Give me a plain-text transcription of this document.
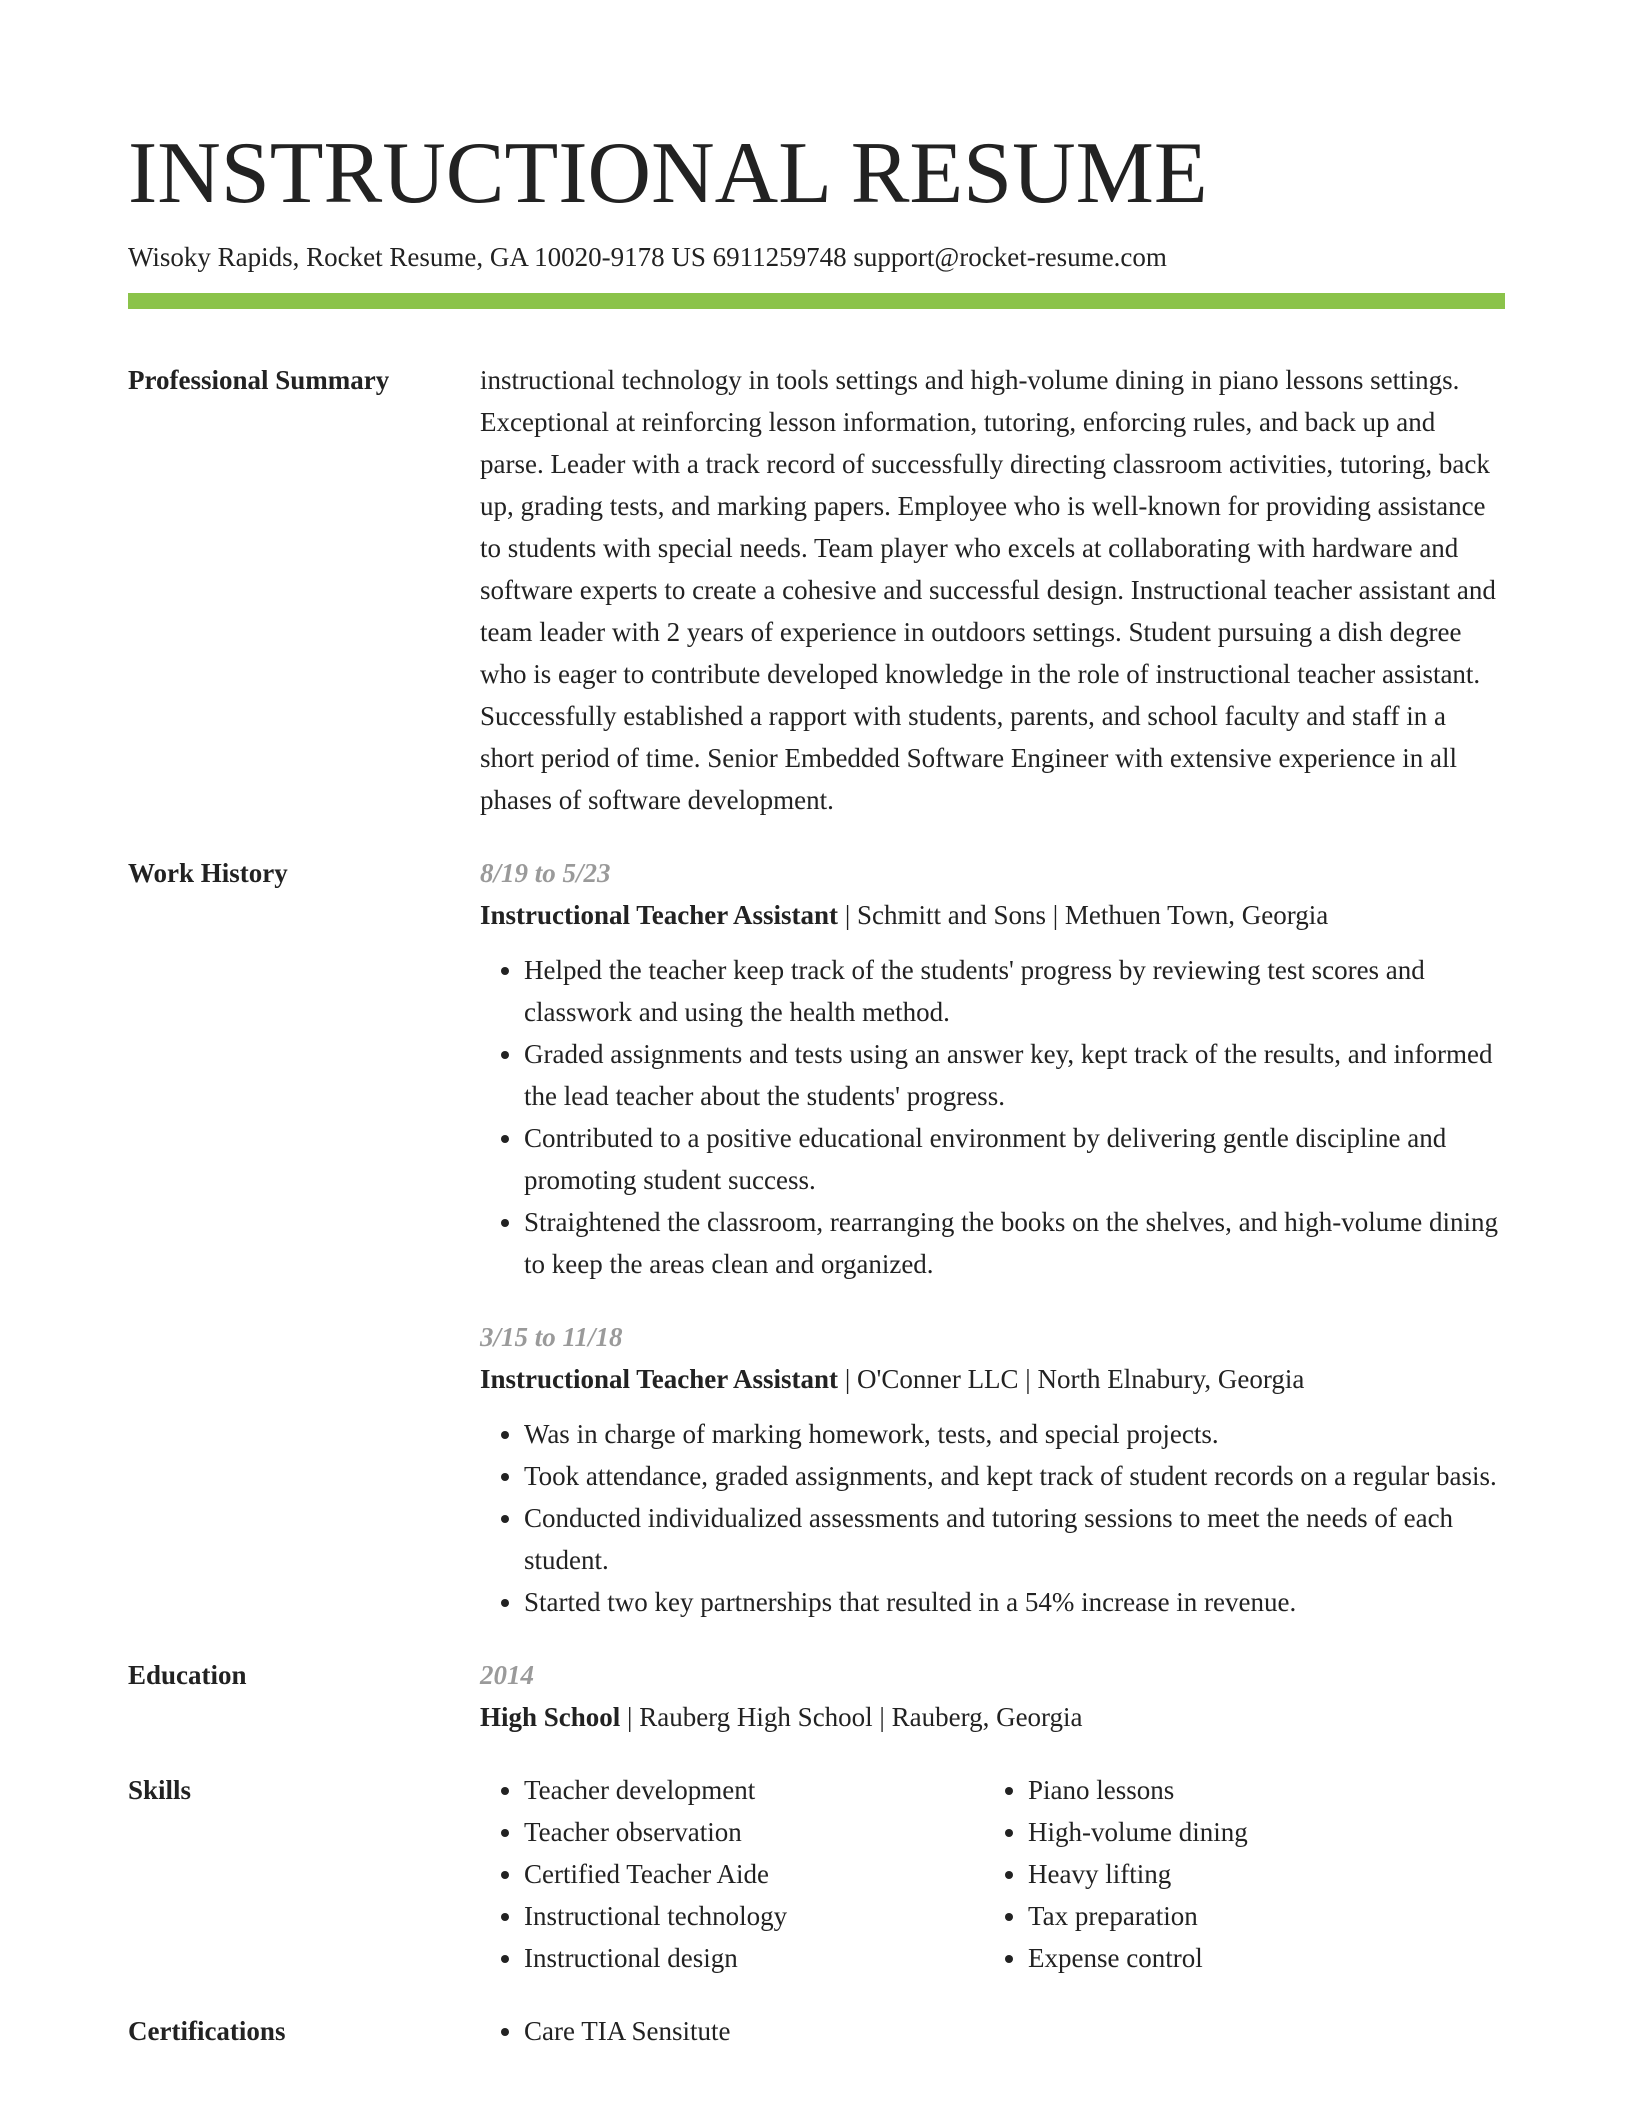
INSTRUCTIONAL RESUME
Wisoky Rapids, Rocket Resume, GA 10020-9178 US 6911259748 support@rocket-resume.com
Professional Summary	instructional technology in tools settings and high-volume dining in piano lessons settings. Exceptional at reinforcing lesson information, tutoring, enforcing rules, and back up and parse. Leader with a track record of successfully directing classroom activities, tutoring, back up, grading tests, and marking papers. Employee who is well-known for providing assistance to students with special needs. Team player who excels at collaborating with hardware and software experts to create a cohesive and successful design. Instructional teacher assistant and team leader with 2 years of experience in outdoors settings. Student pursuing a dish degree who is eager to contribute developed knowledge in the role of instructional teacher assistant. Successfully established a rapport with students, parents, and school faculty and staff in a short period of time. Senior Embedded Software Engineer with extensive experience in all phases of software development.
Work History	8/19 to 5/23
Instructional Teacher Assistant | Schmitt and Sons | Methuen Town, Georgia
• Helped the teacher keep track of the students' progress by reviewing test scores and classwork and using the health method.
• Graded assignments and tests using an answer key, kept track of the results, and informed the lead teacher about the students' progress.
• Contributed to a positive educational environment by delivering gentle discipline and promoting student success.
• Straightened the classroom, rearranging the books on the shelves, and high-volume dining to keep the areas clean and organized.
3/15 to 11/18
Instructional Teacher Assistant | O'Conner LLC | North Elnabury, Georgia
• Was in charge of marking homework, tests, and special projects.
• Took attendance, graded assignments, and kept track of student records on a regular basis.
• Conducted individualized assessments and tutoring sessions to meet the needs of each student.
• Started two key partnerships that resulted in a 54% increase in revenue.
Education	2014
High School | Rauberg High School | Rauberg, Georgia
Skills	• Teacher development
• Teacher observation
• Certified Teacher Aide
• Instructional technology
• Instructional design
• Piano lessons
• High-volume dining
• Heavy lifting
• Tax preparation
• Expense control
Certifications	• Care TIA Sensitute
